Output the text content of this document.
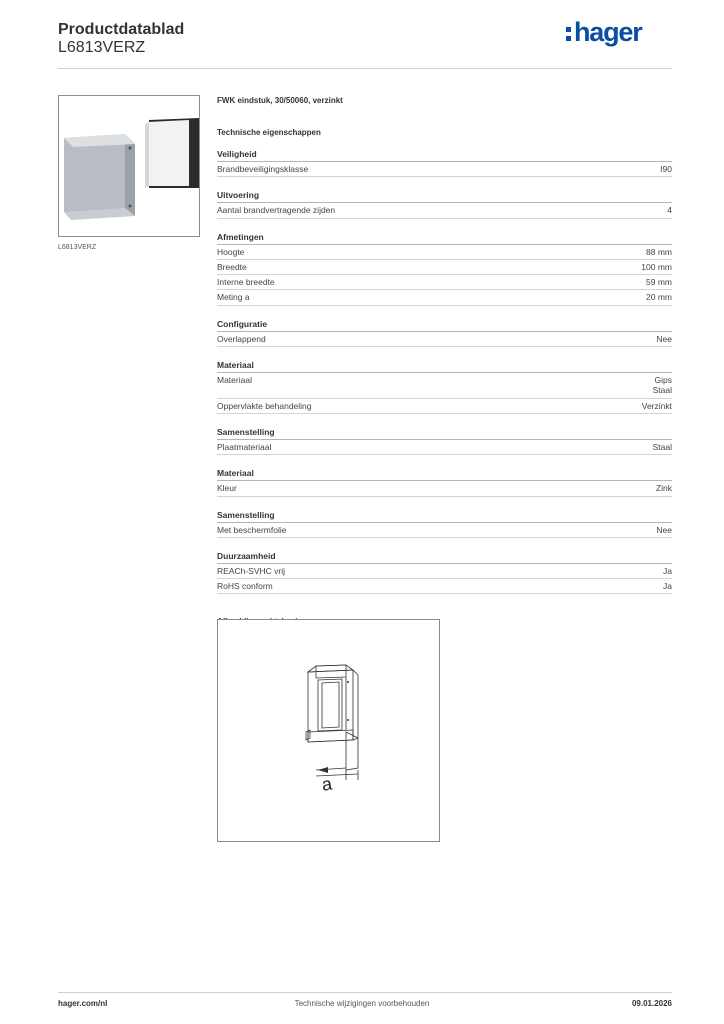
Productdatablad
L6813VERZ
hager
L6813VERZ
FWK eindstuk, 30/50060, verzinkt
Technische eigenschappen
Veiligheid
Brandbeveiligingsklasse	I90
Uitvoering
Aantal brandvertragende zijden	4
Afmetingen
Hoogte	88 mm
Breedte	100 mm
Interne breedte	59 mm
Meting a	20 mm
Configuratie
Overlappend	Nee
Materiaal
Materiaal	Gips
Staal
Oppervlakte behandeling	Verzinkt
Samenstelling
Plaatmateriaal	Staal
Materiaal
Kleur	Zink
Samenstelling
Met beschermfolie	Nee
Duurzaamheid
REACh-SVHC vrij	Ja
RoHS conform	Ja
a
hager.com/nl	Technische wijzigingen voorbehouden	09.01.2026
